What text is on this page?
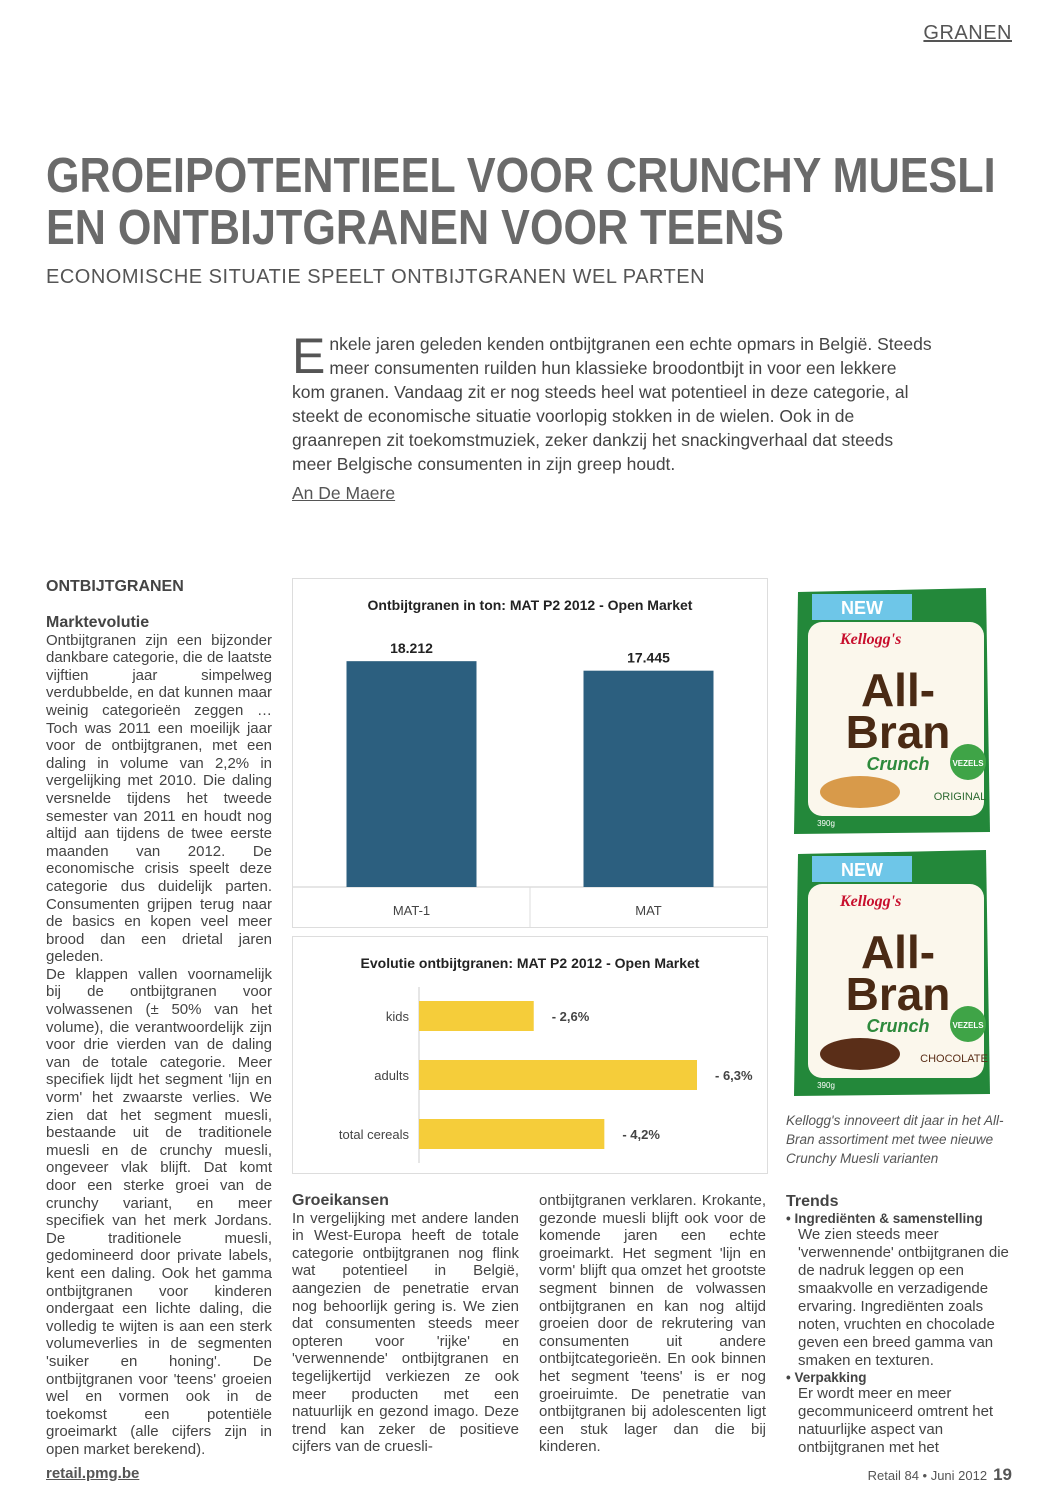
GRANEN
GROEIPOTENTIEEL VOOR CRUNCHY MUESLI
EN ONTBIJTGRANEN VOOR TEENS
ECONOMISCHE SITUATIE SPEELT ONTBIJTGRANEN WEL PARTEN
Enkele jaren geleden kenden ontbijtgranen een echte opmars in België. Steeds meer consumenten ruilden hun klassieke broodontbijt in voor een lekkere kom granen. Vandaag zit er nog steeds heel wat potentieel in deze categorie, al steekt de economische situatie voorlopig stokken in de wielen. Ook in de graanrepen zit toekomstmuziek, zeker dankzij het snackingverhaal dat steeds meer Belgische consumenten in zijn greep houdt.
An De Maere
ONTBIJTGRANEN
Marktevolutie

Ontbijtgranen zijn een bijzonder dankbare categorie, die de laatste vijftien jaar simpelweg verdubbelde, en dat kunnen maar weinig categorieën zeggen … Toch was 2011 een moeilijk jaar voor de ontbijtgranen, met een daling in volume van 2,2% in vergelijking met 2010. Die daling versnelde tijdens het tweede semester van 2011 en houdt nog altijd aan tijdens de twee eerste maanden van 2012. De economische crisis speelt deze categorie dus duidelijk parten. Consumenten grijpen terug naar de basics en kopen veel meer brood dan een drietal jaren geleden.

De klappen vallen voornamelijk bij de ontbijtgranen voor volwassenen (± 50% van het volume), die verantwoordelijk zijn voor drie vierden van de daling van de totale categorie. Meer specifiek lijdt het segment 'lijn en vorm' het zwaarste verlies. We zien dat het segment muesli, bestaande uit de traditionele muesli en de crunchy muesli, ongeveer vlak blijft. Dat komt door een sterke groei van de crunchy variant, en meer specifiek van het merk Jordans. De traditionele muesli, gedomineerd door private labels, kent een daling. Ook het gamma ontbijtgranen voor kinderen ondergaat een lichte daling, die volledig te wijten is aan een sterk volumeverlies in de segmenten 'suiker en honing'. De ontbijtgranen voor 'teens' groeien wel en vormen ook in de toekomst een potentiële groeimarkt (alle cijfers zijn in open market berekend).

Ontbijtgranen in ton: MAT P2 2012 - Open Market
18.212
MAT-1
17.445
MAT
Evolutie ontbijtgranen: MAT P2 2012 - Open Market
kids	- 2,6%
adults	- 6,3%
total cereals	- 4,2%
Groeikansen

In vergelijking met andere landen in West-Europa heeft de totale categorie ontbijtgranen nog flink wat potentieel in België, aangezien de penetratie ervan nog behoorlijk gering is. We zien dat consumenten steeds meer opteren voor 'rijke' en 'verwennende' ontbijtgranen en tegelijkertijd verkiezen ze ook meer producten met een natuurlijk en gezond imago. Deze trend kan zeker de positieve cijfers van de cruesli-

ontbijtgranen verklaren. Krokante, gezonde muesli blijft ook voor de komende jaren een echte groeimarkt. Het segment 'lijn en vorm' blijft qua omzet het grootste segment binnen de volwassen ontbijtgranen en kan nog altijd groeien door de rekrutering van consumenten uit andere ontbijtcategorieën. En ook binnen het segment 'teens' is er nog groeiruimte. De penetratie van ontbijtgranen bij adolescenten ligt een stuk lager dan die bij kinderen.

NEW
Kellogg's
All-
Bran
Crunch	VEZELS
ORIGINAL
390g
NEW
Kellogg's
All-
Bran
Crunch	VEZELS
CHOCOLATE
390g
Kellogg's innoveert dit jaar in het All-Bran assortiment met twee nieuwe Crunchy Muesli varianten
Trends
• Ingrediënten & samenstelling
We zien steeds meer 'verwennende' ontbijtgranen die de nadruk leggen op een smaakvolle en verzadigende ervaring. Ingrediënten zoals noten, vruchten en chocolade geven een breed gamma van smaken en texturen.
• Verpakking
Er wordt meer en meer gecommuniceerd omtrent het natuurlijke aspect van ontbijtgranen met het
retail.pmg.be	Retail 84 • Juni 2012 19
